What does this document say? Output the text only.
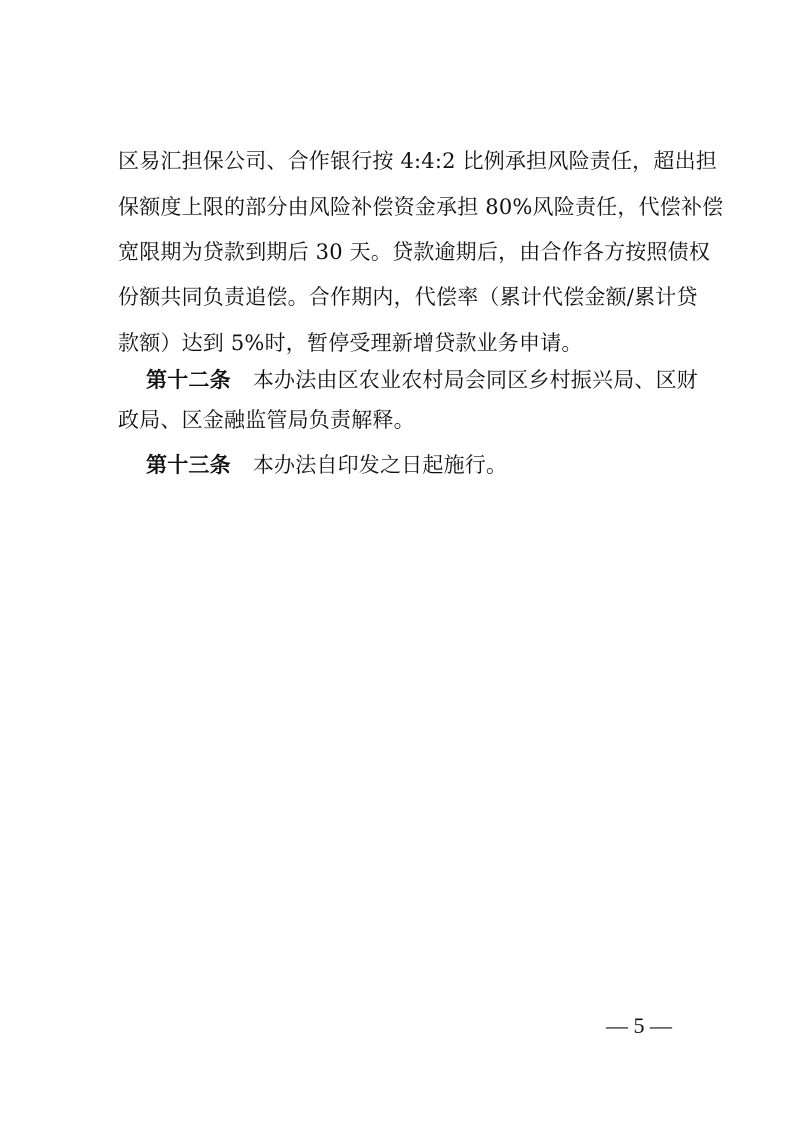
区易汇担保公司、合作银行按 4:4:2 比例承担风险责任，超出担
保额度上限的部分由风险补偿资金承担 80%风险责任，代偿补偿
宽限期为贷款到期后 30 天。贷款逾期后，由合作各方按照债权
份额共同负责追偿。合作期内，代偿率（累计代偿金额/累计贷
款额）达到 5%时，暂停受理新增贷款业务申请。
第十二条 本办法由区农业农村局会同区乡村振兴局、区财
政局、区金融监管局负责解释。
第十三条 本办法自印发之日起施行。
— 5 —
